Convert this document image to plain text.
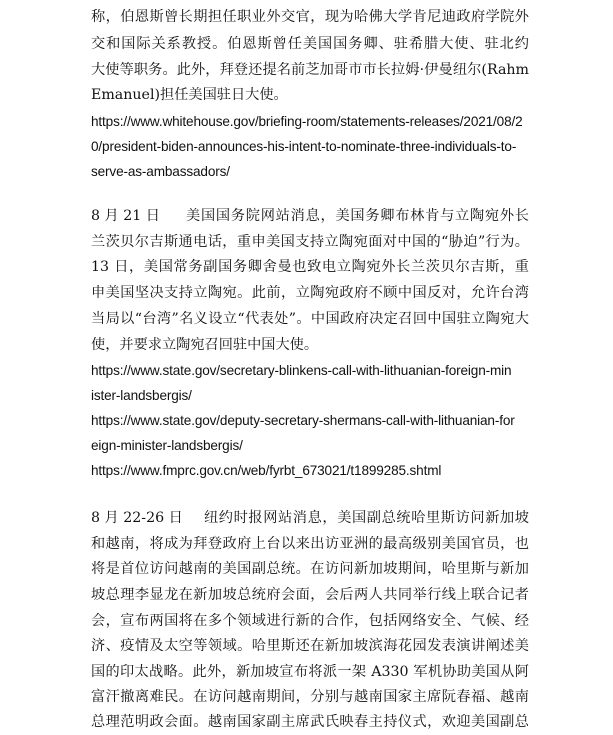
称，伯恩斯曾长期担任职业外交官，现为哈佛大学肯尼迪政府学院外
交和国际关系教授。伯恩斯曾任美国国务卿、驻希腊大使、驻北约
大使等职务。此外，拜登还提名前芝加哥市市长拉姆·伊曼纽尔(Rahm
Emanuel)担任美国驻日大使。
https://www.whitehouse.gov/briefing-room/statements-releases/2021/08/2
0/president-biden-announces-his-intent-to-nominate-three-individuals-to-
serve-as-ambassadors/
8 月 21 日 美国国务院网站消息，美国务卿布林肯与立陶宛外长
兰茨贝尔吉斯通电话，重申美国支持立陶宛面对中国的“胁迫”行为。
13 日，美国常务副国务卿舍曼也致电立陶宛外长兰茨贝尔吉斯，重
申美国坚决支持立陶宛。此前，立陶宛政府不顾中国反对，允许台湾
当局以“台湾”名义设立“代表处”。中国政府决定召回中国驻立陶宛大
使，并要求立陶宛召回驻中国大使。
https://www.state.gov/secretary-blinkens-call-with-lithuanian-foreign-min
ister-landsbergis/
https://www.state.gov/deputy-secretary-shermans-call-with-lithuanian-for
eign-minister-landsbergis/
https://www.fmprc.gov.cn/web/fyrbt_673021/t1899285.shtml
8 月 22-26 日 纽约时报网站消息，美国副总统哈里斯访问新加坡
和越南，将成为拜登政府上台以来出访亚洲的最高级别美国官员，也
将是首位访问越南的美国副总统。在访问新加坡期间，哈里斯与新加
坡总理李显龙在新加坡总统府会面，会后两人共同举行线上联合记者
会，宣布两国将在多个领域进行新的合作，包括网络安全、气候、经
济、疫情及太空等领域。哈里斯还在新加坡滨海花园发表演讲阐述美
国的印太战略。此外，新加坡宣布将派一架 A330 军机协助美国从阿
富汗撤离难民。在访问越南期间，分别与越南国家主席阮春福、越南
总理范明政会面。越南国家副主席武氏映春主持仪式，欢迎美国副总
